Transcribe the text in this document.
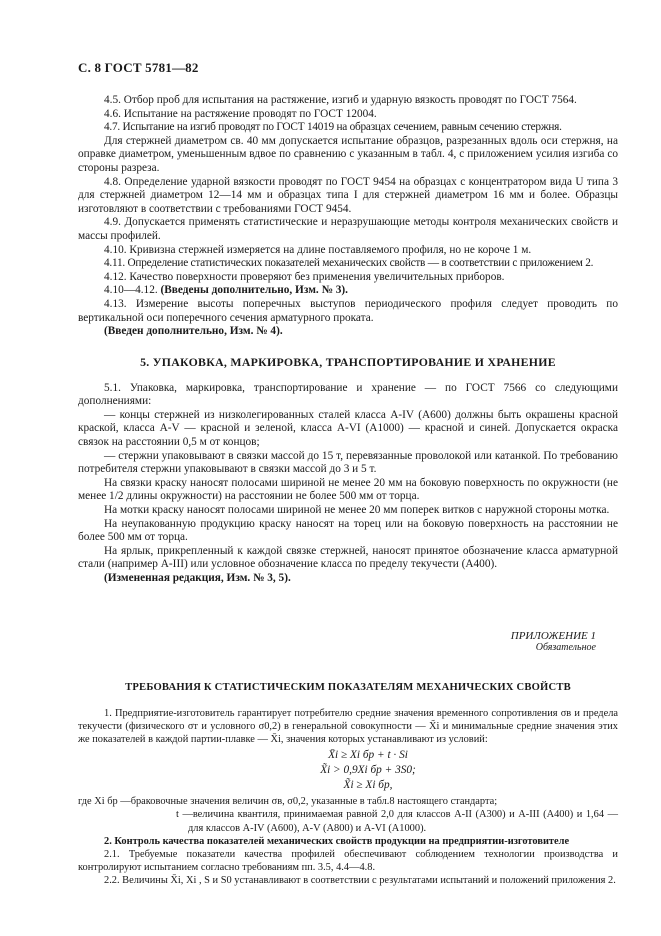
С. 8 ГОСТ 5781—82

4.5. Отбор проб для испытания на растяжение, изгиб и ударную вязкость проводят по ГОСТ 7564.

4.6. Испытание на растяжение проводят по ГОСТ 12004.

4.7. Испытание на изгиб проводят по ГОСТ 14019 на образцах сечением, равным сечению стержня.

Для стержней диаметром св. 40 мм допускается испытание образцов, разрезанных вдоль оси стержня, на оправке диаметром, уменьшенным вдвое по сравнению с указанным в табл. 4, с приложением усилия изгиба со стороны разреза.

4.8. Определение ударной вязкости проводят по ГОСТ 9454 на образцах с концентратором вида U типа 3 для стержней диаметром 12—14 мм и образцах типа I для стержней диаметром 16 мм и более. Образцы изготовляют в соответствии с требованиями ГОСТ 9454.

4.9. Допускается применять статистические и неразрушающие методы контроля механических свойств и массы профилей.

4.10. Кривизна стержней измеряется на длине поставляемого профиля, но не короче 1 м.

4.11. Определение статистических показателей механических свойств — в соответствии с приложением 2.

4.12. Качество поверхности проверяют без применения увеличительных приборов.

4.10—4.12. (Введены дополнительно, Изм. № 3).

4.13. Измерение высоты поперечных выступов периодического профиля следует проводить по вертикальной оси поперечного сечения арматурного проката.

(Введен дополнительно, Изм. № 4).

5. УПАКОВКА, МАРКИРОВКА, ТРАНСПОРТИРОВАНИЕ И ХРАНЕНИЕ

5.1. Упаковка, маркировка, транспортирование и хранение — по ГОСТ 7566 со следующими дополнениями:

— концы стержней из низколегированных сталей класса А-IV (А600) должны быть окрашены красной краской, класса А-V — красной и зеленой, класса А-VI (А1000) — красной и синей. Допускается окраска связок на расстоянии 0,5 м от концов;

— стержни упаковывают в связки массой до 15 т, перевязанные проволокой или катанкой. По требованию потребителя стержни упаковывают в связки массой до 3 и 5 т.

На связки краску наносят полосами шириной не менее 20 мм на боковую поверхность по окружности (не менее 1/2 длины окружности) на расстоянии не более 500 мм от торца.

На мотки краску наносят полосами шириной не менее 20 мм поперек витков с наружной стороны мотка.

На неупакованную продукцию краску наносят на торец или на боковую поверхность на расстоянии не более 500 мм от торца.

На ярлык, прикрепленный к каждой связке стержней, наносят принятое обозначение класса арматурной стали (например А-IIІ) или условное обозначение класса по пределу текучести (А400).

(Измененная редакция, Изм. № 3, 5).

ПРИЛОЖЕНИЕ 1
Обязательное
ТРЕБОВАНИЯ К СТАТИСТИЧЕСКИМ ПОКАЗАТЕЛЯМ МЕХАНИЧЕСКИХ СВОЙСТВ

1. Предприятие-изготовитель гарантирует потребителю средние значения временного сопротивления σв и предела текучести (физического σт и условного σ0,2) в генеральной совокупности — X̃i и минимальные средние значения этих же показателей в каждой партии-плавке — X̄i, значения которых устанавливают из условий:

X̄i ≥ Xi бр + t · Si
X̃i > 0,9Xi бр + 3S0;
X̃i ≥ Xi бр,

где Xi бр —браковочные значения величин σв, σ0,2, указанные в табл.8 настоящего стандарта;

t —величина квантиля, принимаемая равной 2,0 для классов А-II (А300) и А-III (А400) и 1,64 — для классов А-IV (А600), А-V (А800) и А-VI (А1000).

2. Контроль качества показателей механических свойств продукции на предприятии-изготовителе

2.1. Требуемые показатели качества профилей обеспечивают соблюдением технологии производства и контролируют испытанием согласно требованиям пп. 3.5, 4.4—4.8.

2.2. Величины X̄i, Xi , S и S0 устанавливают в соответствии с результатами испытаний и положений приложения 2.
